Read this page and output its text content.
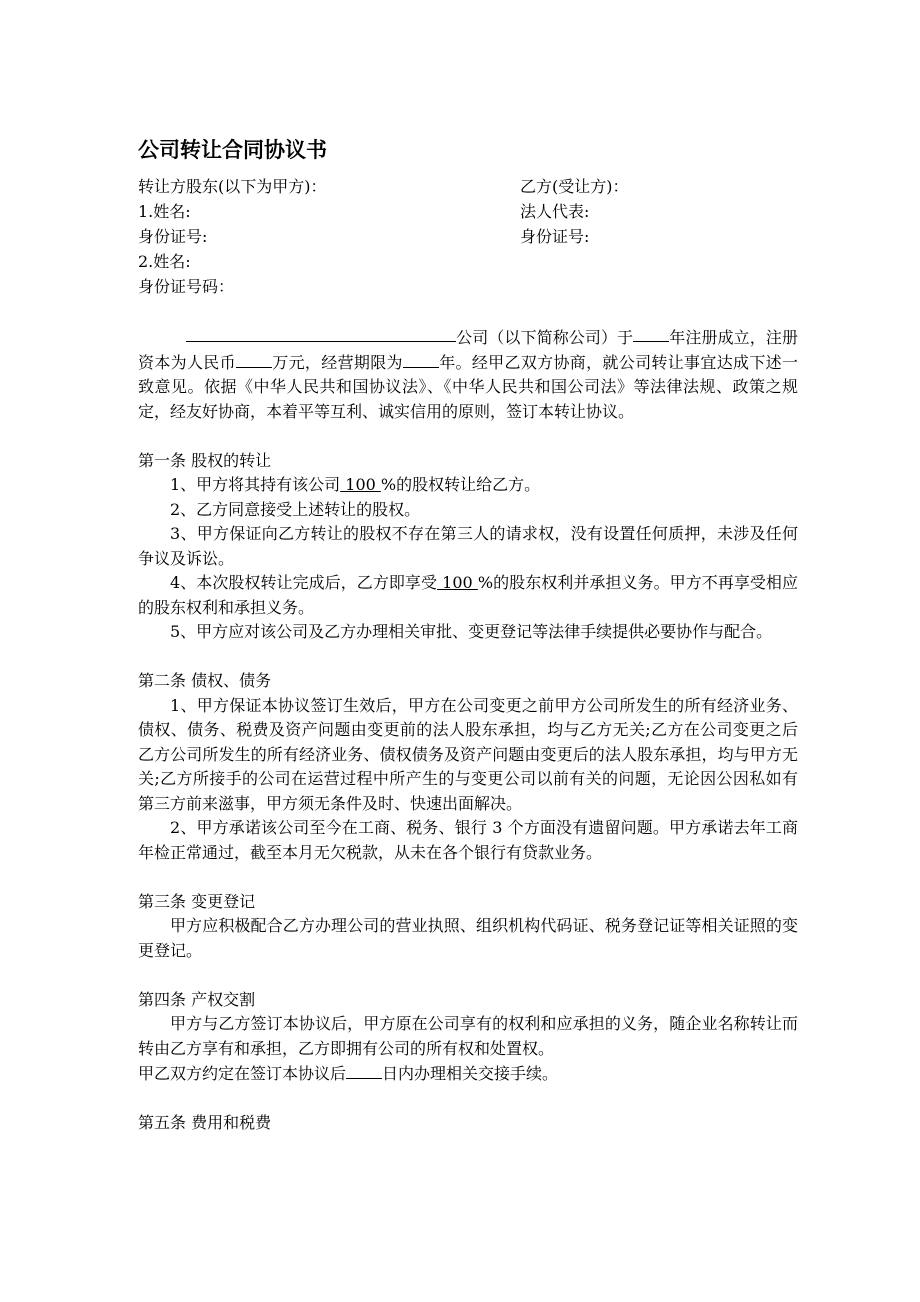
公司转让合同协议书
转让方股东(以下为甲方)：
1.姓名:
身份证号:
2.姓名:
身份证号码：
乙方(受让方)：
法人代表:
身份证号:

公司（以下简称公司）于 年注册成立，注册资本为人民币 万元，经营期限为 年。经甲乙双方协商，就公司转让事宜达成下述一致意见。依据《中华人民共和国协议法》、《中华人民共和国公司法》等法律法规、政策之规定，经友好协商，本着平等互利、诚实信用的原则，签订本转让协议。

第一条 股权的转让

1、甲方将其持有该公司 100 %的股权转让给乙方。

2、乙方同意接受上述转让的股权。

3、甲方保证向乙方转让的股权不存在第三人的请求权，没有设置任何质押，未涉及任何争议及诉讼。

4、本次股权转让完成后，乙方即享受 100 %的股东权利并承担义务。甲方不再享受相应的股东权利和承担义务。

5、甲方应对该公司及乙方办理相关审批、变更登记等法律手续提供必要协作与配合。

第二条 债权、债务

1、甲方保证本协议签订生效后，甲方在公司变更之前甲方公司所发生的所有经济业务、债权、债务、税费及资产问题由变更前的法人股东承担，均与乙方无关;乙方在公司变更之后乙方公司所发生的所有经济业务、债权债务及资产问题由变更后的法人股东承担，均与甲方无关;乙方所接手的公司在运营过程中所产生的与变更公司以前有关的问题，无论因公因私如有第三方前来滋事，甲方须无条件及时、快速出面解决。

2、甲方承诺该公司至今在工商、税务、银行 3 个方面没有遗留问题。甲方承诺去年工商年检正常通过，截至本月无欠税款，从未在各个银行有贷款业务。

第三条 变更登记

甲方应积极配合乙方办理公司的营业执照、组织机构代码证、税务登记证等相关证照的变更登记。

第四条 产权交割

甲方与乙方签订本协议后，甲方原在公司享有的权利和应承担的义务，随企业名称转让而转由乙方享有和承担，乙方即拥有公司的所有权和处置权。

甲乙双方约定在签订本协议后 日内办理相关交接手续。

第五条 费用和税费
